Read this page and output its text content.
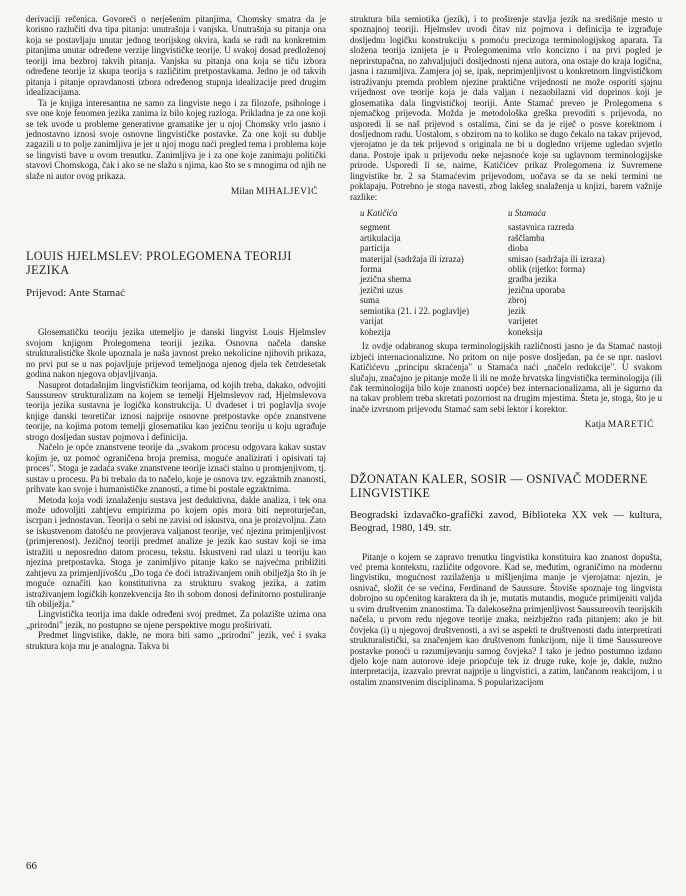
derivaciji rečenica. Govoreći o nerješenim pitanjima, Chomsky smatra da je korisno razlučiti dva tipa pitanja: unutrašnja i vanjska. Unutrašnja su pitanja ona koja se postavljaju unutar jednog teorijskog okvira, kada se radi na konkretnim pitanjima unutar određene verzije lingvističke teorije. U svakoj dosad predloženoj teoriji ima bezbroj takvih pitanja. Vanjska su pitanja ona koja se tiču izbora određene teorije iz skupa teorija s različitim pretpostavkama. Jedno je od takvih pitanja i pitanje opravdanosti izbora određenog stupnja idealizacije pred drugim idealizacijama.

Ta je knjiga interesantna ne samo za lingviste nego i za filozofe, psihologe i sve one koje fenomen jezika zanima iz bilo kojeg razloga. Prikladna je za one koji se tek uvode u probleme generativne gramatike jer u njoj Chomsky vrlo jasno i jednostavno iznosi svoje osnovne lingvističke postavke. Za one koji su dublje zagazili u to polje zanimljiva je jer u njoj mogu naći pregled tema i problema koje se lingvisti bave u ovom trenutku. Zanimljiva je i za one koje zanimaju politički stavovi Chomskoga, čak i ako se ne slažu s njima, kao što se s mnogima od njih ne slaže ni autor ovog prikaza.

Milan MIHALJEVIĆ
LOUIS HJELMSLEV: PROLEGOMENA TEORIJI JEZIKA
Prijevod: Ante Stamać

Glosematičku teoriju jezika utemeljio je danski lingvist Louis Hjelmslev svojom knjigom Prolegomena teoriji jezika. Osnovna načela danske strukturalističke škole upoznala je naša javnost preko nekolicine njihovih prikaza, no prvi put se u nas pojavljuje prijevod temeljnoga njenog djela tek četrdesetak godina nakon njegova objavljivanja.

Nasuprot dotadašnjim lingvističkim teorijama, od kojih treba, dakako, odvojiti Saussureov strukturalizam na kojem se temelji Hjelmslevov rad, Hjelmslevova teorija jezika sustavna je logička konstrukcija. U dvadeset i tri poglavlja svoje knjige danski teoretičar iznosi najprije osnovne pretpostavke opće znanstvene teorije, na kojima potom temelji glosematiku kao jezičnu teoriju u koju ugrađuje strogo dosljedan sustav pojmova i definicija.

Načelo je opće znanstvene teorije da „svakom procesu odgovara kakav sustav kojim je, uz pomoć ograničena broja premisa, moguće analizirati i opisivati taj proces". Stoga je zadaća svake znanstvene teorije iznaći stalno u promjenjivom, tj. sustav u procesu. Pa bi trebalo da to načelo, koje je osnova tzv. egzaktnih znanosti, prihvate kao svoje i humanističke znanosti, a time bi postale egzaktnima.

Metoda koja vodi iznalaženju sustava jest deduktivna, dakle analiza, i tek ona može udovoljiti zahtjevu empirizma po kojem opis mora biti neproturječan, iscrpan i jednostavan. Teorija o sebi ne zavisi od iskustva, ona je proizvoljna. Zato se iskustvenom datošću ne provjerava valjanost teorije, već njezina primjenljivost (primjerenost). Jezičnoj teoriji predmet analize je jezik kao sustav koji se ima istražiti u neposredno datom procesu, tekstu. Iskustveni rad ulazi u teoriju kao njezina pretpostavka. Stoga je zanimljivo pitanje kako se najvećma približiti zahtjevu za primjenljivošću „Do toga će doći istraživanjem onih obilježja što ih je moguće označiti kao konstitutivna za strukturu svakog jezika, a zatim istraživanjem logičkih konzekvencija što ih sobom donosi definitorno postuliranje tih obilježja."

Lingvistička teorija ima dakle određeni svoj predmet. Za polazište uzima ona „prirodni" jezik, no postupno se njene perspektive mogu proširivati.

Predmet lingvistike, dakle, ne mora biti samo „prirodni" jezik, već i svaka struktura koja mu je analogna. Takva bi

struktura bila semiotika (jezik), i to proširenje stavlja jezik na središnje mesto u spoznajnoj teoriji. Hjelmslev uvodi čitav niz pojmova i definicija te izgrađuje dosljednu logičku konstrukciju s pomoću precizoga terminologijskog aparata. Ta složena teorija iznijeta je u Prolegomenima vrlo koncizno i na prvi pogled je neprirstupačna, no zahvaljujući dosljednosti njena autora, ona ostaje do kraja logična, jasna i razumljiva. Zamjera joj se, ipak, neprimjenljivost u konkretnom lingvističkom istraživanju premda problem njezine praktične vrijednosti ne može osporiti sjajnu vrijednost ove teorije koja je dala valjan i nezaobilazni vid doprinos koji je glosematika dala lingvističkoj teoriji. Ante Stamać preveo je Prolegomena s njemačkog prijevoda. Možda je metodološka greška prevoditi s prijevoda, no usporedi li se naš prijevod s ostalima, čini se da je riječ o posve korektnom i dosljednom radu. Uostalom, s obzirom na to koliko se dugo čekalo na takav prijevod, vjerojatno je da tek prijevod s originala ne bi u dogledno vrijeme ugledao svjetlo dana. Postoje ipak u prijevodu neke nejasnoće koje su uglavnom terminologijske prirode. Usporedi li se, naime, Katičićev prikaz Prolegomena iz Suvremene lingvistike br. 2 sa Stamaćevim prijevodom, uočava se da se neki termini ne poklapaju. Potrebno je stoga navesti, zbog lakšeg snalaženja u knjizi, barem važnije razlike:

u Katičića	u Stamaća
segment	sastavnica razreda
artikulacija	raščlamba
particija	dioba
materijal (sadržaja ili izraza)	smisao (sadržaja ili izraza)
forma	oblik (rijetko: forma)
jezična shema	gradba jezika
jezični uzus	jezična uporaba
suma	zbroj
semiotika (21. i 22. poglavlje)	jezik
varijat	varijetet
kohezija	koneksija

Iz ovdje odabranog skupa terminologijskih različnosti jasno je da Stamać nastoji izbjeći internacionalizme. No pritom on nije posve dosljedan, pa će se npr. naslovi Katičićevu „principu skraćenja" u Stamaća naći „načelo redukcije". U svakom slučaju, značajno je pitanje može li ili ne može hrvatska lingvistička terminologija (ili čak terminologija bilo koje znanosti uopće) bez internacionalizama, ali je sigurno da na takav problem treba skretati pozornost na drugim mjestima. Šteta je, stoga, što je u inače izvrsnom prijevodu Stamać sam sebi lektor i korektor.

Katja MARETIĆ
DŽONATAN KALER, SOSIR — OSNIVAČ MODERNE LINGVISTIKE
Beogradski izdavačko-grafički zavod, Biblioteka XX vek — kultura, Beograd, 1980, 149. str.

Pitanje o kojem se zapravo trenutku lingvistika konstituira kao znanost dopušta, već prema kontekstu, različite odgovore. Kad se, međutim, ograničimo na modernu lingvistiku, mogućnost razilaženja u mišljenjima manje je vjerojatna: njezin, je osnivač, složit će se većina, Ferdinand de Saussure. Štoviše spoznaje tog lingvista dobrojno su općenitog karaktera da ih je, mutatis mutandis, moguće primijeniti valjda u svim društvenim znanostima. Ta dalekosežna primjenljivost Saussureovih teorijskih načela, u prvom redu njegove teorije znaka, neizbježno rađa pitanjem: ako je bit čovjeka (i) u njegovoj društvenosti, a svi se aspekti te društvenosti dadu interpretirati strukturalistički, sa značenjem kao društvenom funkcijom, nije li time Saussureove postavke ponoći u razumijevanju samog čovjeka? I tako je jedno postumno izdano djelo koje nam autorove ideje priopćuje tek iz druge ruke, koje je, dakle, nužno interpretacija, izazvalo prevrat najprije u lingvistici, a zatim, lančanom reakcijom, i u ostalim znanstvenim disciplinama. S popularizacijom

66
